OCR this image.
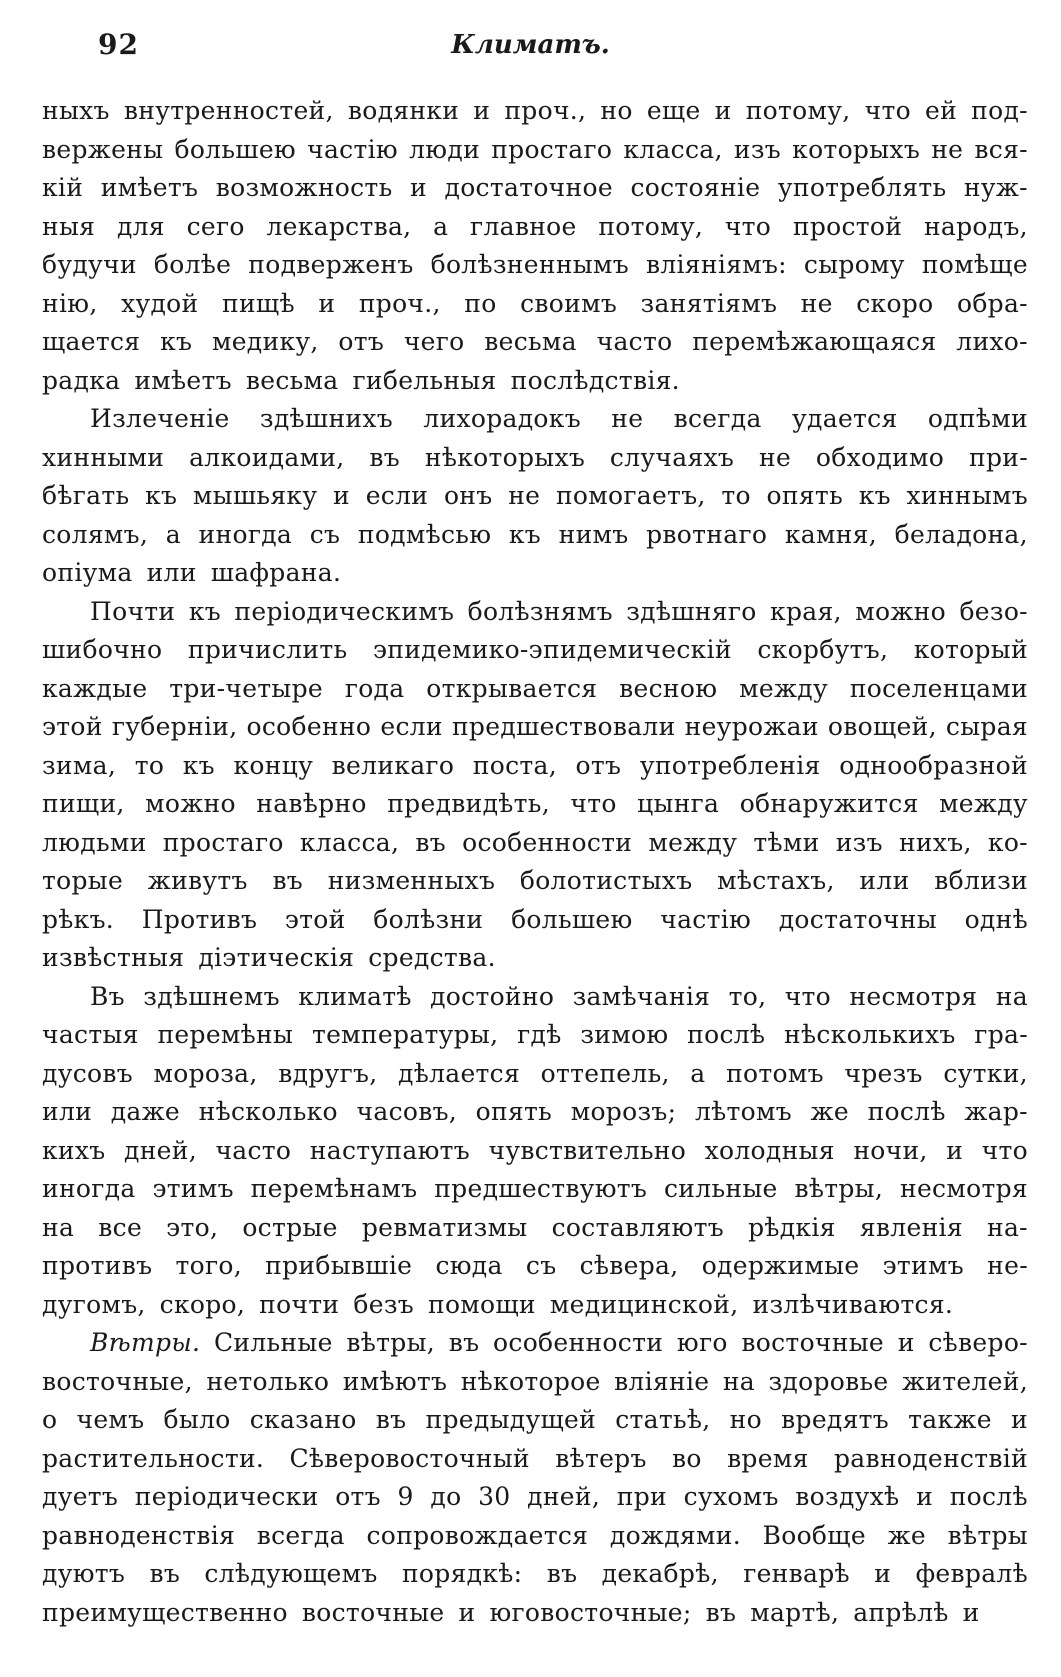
92	Климатъ.
ныхъ внутренностей, водянки и проч., но еще и потому, что ей под-
вержены большею частію люди простаго класса, изъ которыхъ не вся-
кій имѣетъ возможность и достаточное состояніе употреблять нуж-
ныя для сего лекарства, а главное потому, что простой народъ,
будучи болѣе подверженъ болѣзненнымъ вліяніямъ: сырому помѣще
нію, худой пищѣ и проч., по своимъ занятіямъ не скоро обра-
щается къ медику, отъ чего весьма часто перемѣжающаяся лихо-
радка имѣетъ весьма гибельныя послѣдствія.
Излеченіе здѣшнихъ лихорадокъ не всегда удается одпѣми
хинными алкоидами, въ нѣкоторыхъ случаяхъ не обходимо при-
бѣгать къ мышьяку и если онъ не помогаетъ, то опять къ хиннымъ
солямъ, а иногда съ подмѣсью къ нимъ рвотнаго камня, беладона,
опіума или шафрана.
Почти къ періодическимъ болѣзнямъ здѣшняго края, можно безо-
шибочно причислить эпидемико-эпидемическій скорбутъ, который
каждые три-четыре года открывается весною между поселенцами
этой губерніи, особенно если предшествовали неурожаи овощей, сырая
зима, то къ концу великаго поста, отъ употребленія однообразной
пищи, можно навѣрно предвидѣть, что цынга обнаружится между
людьми простаго класса, въ особенности между тѣми изъ нихъ, ко-
торые живутъ въ низменныхъ болотистыхъ мѣстахъ, или вблизи
рѣкъ. Противъ этой болѣзни большею частію достаточны однѣ
извѣстныя діэтическія средства.
Въ здѣшнемъ климатѣ достойно замѣчанія то, что несмотря на
частыя перемѣны температуры, гдѣ зимою послѣ нѣсколькихъ гра-
дусовъ мороза, вдругъ, дѣлается оттепель, а потомъ чрезъ сутки,
или даже нѣсколько часовъ, опять морозъ; лѣтомъ же послѣ жар-
кихъ дней, часто наступаютъ чувствительно холодныя ночи, и что
иногда этимъ перемѣнамъ предшествуютъ сильные вѣтры, несмотря
на все это, острые ревматизмы составляютъ рѣдкія явленія на-
противъ того, прибывшіе сюда съ сѣвера, одержимые этимъ не-
дугомъ, скоро, почти безъ помощи медицинской, излѣчиваются.
Вѣтры. Сильные вѣтры, въ особенности юго восточные и сѣверо-
восточные, нетолько имѣютъ нѣкоторое вліяніе на здоровье жителей,
о чемъ было сказано въ предыдущей статьѣ, но вредятъ также и
растительности. Сѣверовосточный вѣтеръ во время равноденствій
дуетъ періодически отъ 9 до 30 дней, при сухомъ воздухѣ и послѣ
равноденствія всегда сопровождается дождями. Вообще же вѣтры
дуютъ въ слѣдующемъ порядкѣ: въ декабрѣ, генварѣ и февралѣ
преимущественно восточные и юговосточные; въ мартѣ, апрѣлѣ и
